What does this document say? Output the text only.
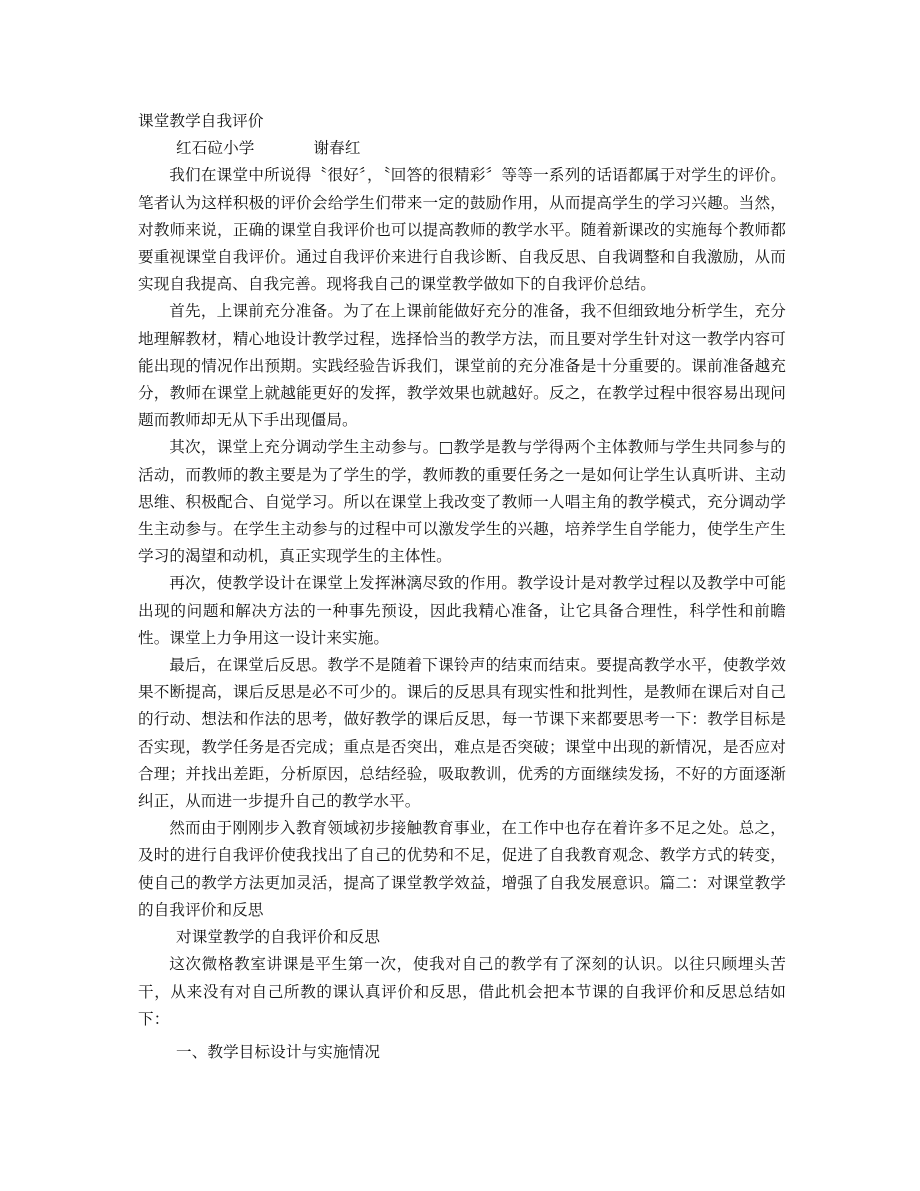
课堂教学自我评价
红石砬小学	谢春红

我们在课堂中所说得〝很好〞，〝回答的很精彩〞等等一系列的话语都属于对学生的评价。笔者认为这样积极的评价会给学生们带来一定的鼓励作用，从而提高学生的学习兴趣。当然，对教师来说，正确的课堂自我评价也可以提高教师的教学水平。随着新课改的实施每个教师都要重视课堂自我评价。通过自我评价来进行自我诊断、自我反思、自我调整和自我激励，从而实现自我提高、自我完善。现将我自己的课堂教学做如下的自我评价总结。

首先，上课前充分准备。为了在上课前能做好充分的准备，我不但细致地分析学生，充分地理解教材，精心地设计教学过程，选择恰当的教学方法，而且要对学生针对这一教学内容可能出现的情况作出预期。实践经验告诉我们，课堂前的充分准备是十分重要的。课前准备越充分，教师在课堂上就越能更好的发挥，教学效果也就越好。反之，在教学过程中很容易出现问题而教师却无从下手出现僵局。

其次，课堂上充分调动学生主动参与。□教学是教与学得两个主体教师与学生共同参与的活动，而教师的教主要是为了学生的学，教师教的重要任务之一是如何让学生认真听讲、主动思维、积极配合、自觉学习。所以在课堂上我改变了教师一人唱主角的教学模式，充分调动学生主动参与。在学生主动参与的过程中可以激发学生的兴趣，培养学生自学能力，使学生产生学习的渴望和动机，真正实现学生的主体性。

再次，使教学设计在课堂上发挥淋漓尽致的作用。教学设计是对教学过程以及教学中可能出现的问题和解决方法的一种事先预设，因此我精心准备，让它具备合理性，科学性和前瞻性。课堂上力争用这一设计来实施。

最后，在课堂后反思。教学不是随着下课铃声的结束而结束。要提高教学水平，使教学效果不断提高，课后反思是必不可少的。课后的反思具有现实性和批判性，是教师在课后对自己的行动、想法和作法的思考，做好教学的课后反思，每一节课下来都要思考一下：教学目标是否实现，教学任务是否完成；重点是否突出，难点是否突破；课堂中出现的新情况，是否应对合理；并找出差距，分析原因，总结经验，吸取教训，优秀的方面继续发扬，不好的方面逐渐纠正，从而进一步提升自己的教学水平。

然而由于刚刚步入教育领域初步接触教育事业，在工作中也存在着许多不足之处。总之，及时的进行自我评价使我找出了自己的优势和不足，促进了自我教育观念、教学方式的转变，使自己的教学方法更加灵活，提高了课堂教学效益，增强了自我发展意识。篇二：对课堂教学的自我评价和反思

对课堂教学的自我评价和反思

这次微格教室讲课是平生第一次，使我对自己的教学有了深刻的认识。以往只顾埋头苦干，从来没有对自己所教的课认真评价和反思，借此机会把本节课的自我评价和反思总结如下：

一、教学目标设计与实施情况
